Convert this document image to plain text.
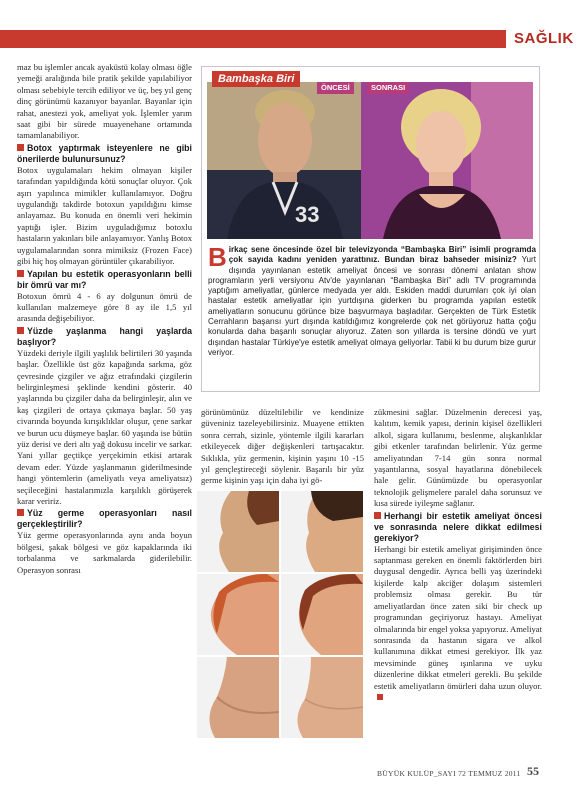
SAĞLIK

maz bu işlemler ancak ayaküstü kolay olması öğle yemeği aralığında bile pratik şekilde yapılabiliyor olması sebebiyle tercih ediliyor ve üç, beş yıl genç dinç görünümü kazanıyor bayanlar. Bayanlar için rahat, anestezi yok, ameliyat yok. İşlemler yarım saat gibi bir sürede muayenehane ortamında tamamlanabiliyor.

Botox yaptırmak isteyenlere ne gibi önerilerde bulunursunuz?

Botox uygulamaları hekim olmayan kişiler tarafından yapıldığında kötü sonuçlar oluyor. Çok aşırı yapılınca mimikler kullanılamıyor. Doğru uygulandığı takdirde botoxun yapıldığını kimse anlayamaz. Bu konuda en önemli veri hekimin yaptığı işler. Bizim uyguladığımız botoxlu hastaların yakınları bile anlayamıyor. Yanlış Botox uygulamalarından sonra mimiksiz (Frozen Face) gibi hiç hoş olmayan görüntüler çıkarabiliyor.

Yapılan bu estetik operasyonların belli bir ömrü var mı?

Botoxun ömrü 4 - 6 ay dolgunun ömrü de kullanılan malzemeye göre 8 ay ile 1,5 yıl arasında değişebiliyor.

Yüzde yaşlanma hangi yaşlarda başlıyor?

Yüzdeki deriyle ilgili yaşlılık belirtileri 30 yaşında başlar. Özellikle üst göz kapağında sarkma, göz çevresinde çizgiler ve ağız etrafındaki çizgilerin belirginleşmesi şeklinde kendini gösterir. 40 yaşlarında bu çizgiler daha da belirginleşir, alın ve kaş çizgileri de ortaya çıkmaya başlar. 50 yaş civarında boyunda kırışıklıklar oluşur, çene sarkar ve burun ucu düşmeye başlar. 60 yaşında ise bütün yüz derisi ve deri altı yağ dokusu incelir ve sarkar. Yani yıllar geçtikçe yerçekimin etkisi artarak devam eder. Yüzde yaşlanmanın giderilmesinde hangi yöntemlerin (ameliyatlı veya ameliyatsız) seçileceğini hastalarımızla karşılıklı görüşerek karar veririz.

Yüz germe operasyonları nasıl gerçekleştirilir?

Yüz germe operasyonlarında aynı anda boyun bölgesi, şakak bölgesi ve göz kapaklarında iki torbalanma ve sarkmalarda giderilebilir. Operasyon sonrası

Bambaşka Biri
ÖNCESİ	SONRASI
33
B irkaç sene öncesinde özel bir televizyonda “Bambaşka Biri” isimli programda çok sayıda kadını yeniden yarattınız. Bundan biraz bahseder misiniz? Yurt dışında yayınlanan estetik ameliyat öncesi ve sonrası dönemi anlatan show programların yerli versiyonu Atv'de yayınlanan “Bambaşka Biri” adlı TV programında yaptığım ameliyatlar, günlerce medyada yer aldı. Eskiden maddi durumları çok iyi olan hastalar estetik ameliyatlar için yurtdışına giderken bu programda yapılan estetik ameliyatların sonucunu görünce bize başvurmaya başladılar. Gerçekten de Türk Estetik Cerrahların başarısı yurt dışında katıldığımız kongrelerde çok net görüyoruz hatta çoğu konularda daha başarılı sonuçlar alıyoruz. Zaten son yıllarda is tersine döndü ve yurt dışından hastalar Türkiye'ye estetik ameliyat olmaya geliyorlar. Tabii ki bu durum bize gurur veriyor.

görünümünüz düzeltilebilir ve kendinize güveniniz tazeleyebilirsiniz. Muayene ettikten sonra cerrah, sizinle, yöntemle ilgili kararları etkileyecek diğer değişkenleri tartışacaktır. Sıklıkla, yüz germenin, kişinin yaşını 10 -15 yıl gençleştireceği söylenir. Başarılı bir yüz germe kişinin yaşı için daha iyi gö-

zükmesini sağlar. Düzelmenin derecesi yaş, kalıtım, kemik yapısı, derinin kişisel özellikleri alkol, sigara kullanımı, beslenme, alışkanlıklar gibi etkenler tarafından belirlenir. Yüz germe ameliyatından 7-14 gün sonra normal yaşantılarına, sosyal hayatlarına dönebilecek hale gelir. Günümüzde bu operasyonlar teknolojik gelişmelere paralel daha sorunsuz ve kısa sürede iyileşme sağlanır.

Herhangi bir estetik ameliyat öncesi ve sonrasında nelere dikkat edilmesi gerekiyor?

Herhangi bir estetik ameliyat girişiminden önce saptanması gereken en önemli faktörlerden biri duygusal dengedir. Ayrıca belli yaş üzerindeki kişilerde kalp akciğer dolaşım sistemleri problemsiz olması gerekir. Bu tür ameliyatlardan önce zaten siki bir check up programından geçiriyoruz hastayı. Ameliyat olmalarında bir engel yoksa yapıyoruz. Ameliyat sonrasında da hastanın sigara ve alkol kullanımına dikkat etmesi gerekiyor. İlk yaz mevsiminde güneş ışınlarına ve uyku düzenlerine dikkat etmeleri gerekli. Bu şekilde estetik ameliyatların ömürleri daha uzun oluyor.

BÜYÜK KULÜP_SAYI 72 TEMMUZ 2011 55
